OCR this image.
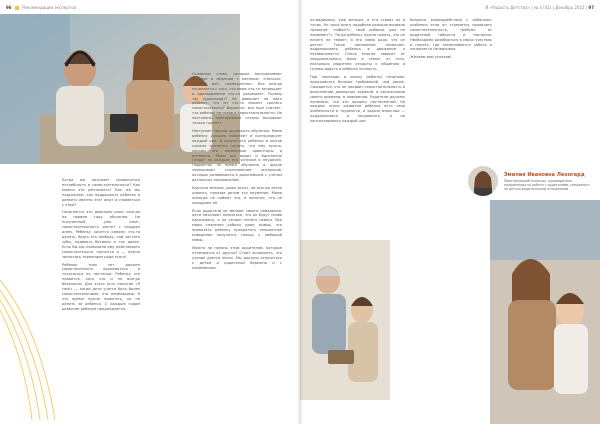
96	Рекомендации экспертов

Когда же начинает проявляться потребность в самостоятельности? Как можно это распознать? Как же мы подскажем, как поддержать ребенка и развить именно этот опыт и справиться с этим?

Начинается это довольно рано, иногда на первом году обучения. На полученный уже опыт, самостоятельность растет с каждым днем. Ребенку хочется самому что-то делать, брать его свободу, сам чистить зубы, надевать ботинки и так далее. Если бы мы позволили ему действовать самостоятельно, научится и — нужно запастись терпением ради этого!

Ребенок трех лет должен самостоятельно подниматься и спускаться по лестнице. Ребенку это нравится, хоть это и не всегда безопасно. Для этого есть понятие «Я сам!» — когда дети учатся быть более самостоятельными, это необходимо. В это время нужно помогать, но не делать за ребенка. С каждым годом развитие ребенка продолжается.

Основные слова, которые воспринимает ребенок в общении с матерью: «Нельзя», «сейчас же», «немедленно». Все всегда начинается с того, что мама что-то запрещает и одновременно что-то разрешает. Почему так происходит? Не доверяет ли мать ребенку, что он что-то сможет сделать самостоятельно? Вероятно, все еще считает, что ребенок не готов к самостоятельности. Но постоянно повторяемые отказы вызывают только протест.

Наступает период школьного обучения. Мама ребенку усердно помогает и контролирует каждый шаг. В результате ребенок в школе сложно пытается понять, что ему нужно, каковы его жизненные ориентиры и интересы. Мама все видит и бдительно следит за каждым его успехом и неудачей. Подросток за время обучения в школе переживает столкновение интересов, которые развиваются в дальнейшем с учётом различных направлений.

Картина мнения, даже вслух, не всегда легко усвоить, показав детям это неумение. Мама никогда не поймет это, и понятно, что не поощряют её.

Если родители не меняют своего поведения, дети начинают опасаться, что их будут снова наказывать, и не узнают ничего нового. Все меры спасения работы дают вывод, что приказать ребенку прекратить неприятное поведение получится только у любящей мамы.

Можно ли помочь этим родителям, которые отличаются от других? Стоит вспомнить, что учение дается легко. Мы должны относиться к детям и родителям бережно и с пониманием.

И «Радость Детства» | № 4 (41) | Декабрь 2022 | 97

по-видимому, уже меньше, и это ставит их в тупик. Но чаще всего подобная реакция вызвана тревогой: «забыл?», «мой ребенок уже не понимает?». Тогда ребенку нужно понять, что он ничего не теряет, а его мама рада, что он растет. Такое понимание позволяет поддерживать ребенка в движении к независимости. Очень многое зависит от эмоционального фона в семье, от того, насколько родители открыты к общению и готовы видеть в ребенке личность.

При переходе в школу ребенку начинают предъявлять больше требований, чем ранее. Ожидается, что он проявит самостоятельность в выполнении домашних заданий, в организации своего времени, в поведении. Родители должны понимать, что это процесс постепенный. На каждом этапе развития ребенка есть свои особенности и трудности, и задача взрослых — поддерживать и направлять, а не контролировать каждый шаг.

Вопросы взаимодействия с ребенком, особенно если он стремится проявлять самостоятельность, требуют от родителей гибкости и терпения. Необходимо разобраться в своих чувствах и понять, где заканчивается забота и начинается гиперопека.

Желаем вам успехов!

Эмилия Ивановна Леонгард
Практикующий психолог, руководитель направления по работе с родителями, специалист по детско-родительским отношениям
